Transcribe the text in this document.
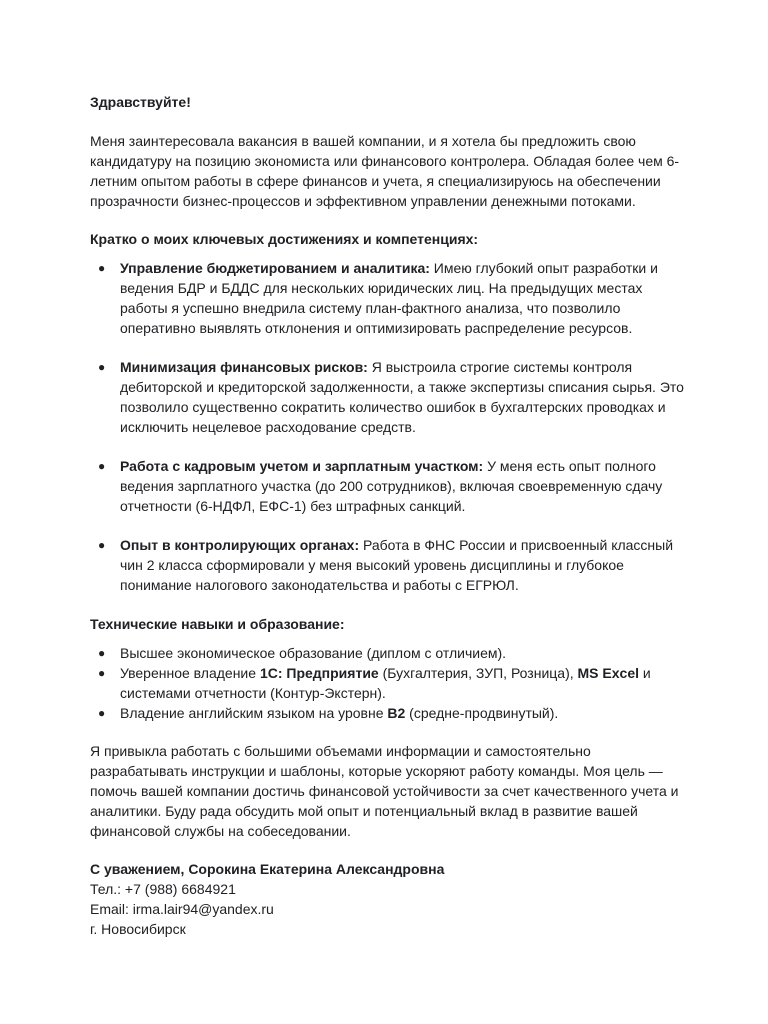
Здравствуйте!

Меня заинтересовала вакансия в вашей компании, и я хотела бы предложить свою кандидатуру на позицию экономиста или финансового контролера. Обладая более чем 6-летним опытом работы в сфере финансов и учета, я специализируюсь на обеспечении прозрачности бизнес-процессов и эффективном управлении денежными потоками.

Кратко о моих ключевых достижениях и компетенциях:

● Управление бюджетированием и аналитика: Имею глубокий опыт разработки и ведения БДР и БДДС для нескольких юридических лиц. На предыдущих местах работы я успешно внедрила систему план-фактного анализа, что позволило оперативно выявлять отклонения и оптимизировать распределение ресурсов.
● Минимизация финансовых рисков: Я выстроила строгие системы контроля дебиторской и кредиторской задолженности, а также экспертизы списания сырья. Это позволило существенно сократить количество ошибок в бухгалтерских проводках и исключить нецелевое расходование средств.
● Работа с кадровым учетом и зарплатным участком: У меня есть опыт полного ведения зарплатного участка (до 200 сотрудников), включая своевременную сдачу отчетности (6-НДФЛ, ЕФС-1) без штрафных санкций.
● Опыт в контролирующих органах: Работа в ФНС России и присвоенный классный чин 2 класса сформировали у меня высокий уровень дисциплины и глубокое понимание налогового законодательства и работы с ЕГРЮЛ.

Технические навыки и образование:

● Высшее экономическое образование (диплом с отличием).
● Уверенное владение 1С: Предприятие (Бухгалтерия, ЗУП, Розница), MS Excel и системами отчетности (Контур-Экстерн).
● Владение английским языком на уровне B2 (средне-продвинутый).

Я привыкла работать с большими объемами информации и самостоятельно разрабатывать инструкции и шаблоны, которые ускоряют работу команды. Моя цель — помочь вашей компании достичь финансовой устойчивости за счет качественного учета и аналитики. Буду рада обсудить мой опыт и потенциальный вклад в развитие вашей финансовой службы на собеседовании.

С уважением, Сорокина Екатерина Александровна

Тел.: +7 (988) 6684921

Email: irma.lair94@yandex.ru

г. Новосибирск
